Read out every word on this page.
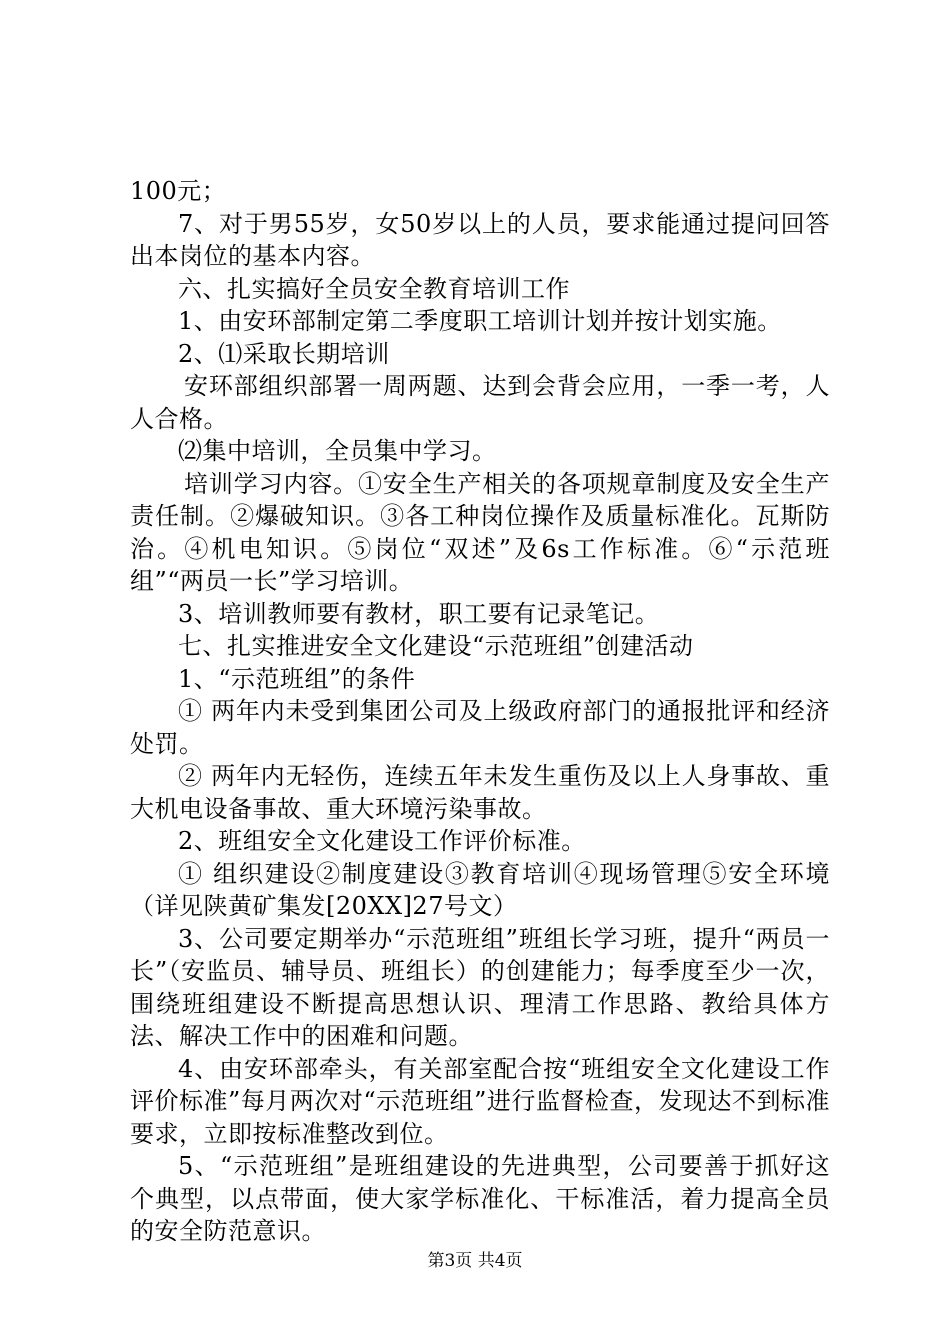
100元；

7、对于男55岁，女50岁以上的人员，要求能通过提问回答出本岗位的基本内容。

六、扎实搞好全员安全教育培训工作

1、由安环部制定第二季度职工培训计划并按计划实施。

2、⑴采取长期培训

安环部组织部署一周两题、达到会背会应用，一季一考，人人合格。

⑵集中培训，全员集中学习。

培训学习内容。①安全生产相关的各项规章制度及安全生产责任制。②爆破知识。③各工种岗位操作及质量标准化。瓦斯防治。④机电知识。⑤岗位“双述”及6s工作标准。⑥“示范班组”“两员一长”学习培训。

3、培训教师要有教材，职工要有记录笔记。

七、扎实推进安全文化建设“示范班组”创建活动

1、“示范班组”的条件

① 两年内未受到集团公司及上级政府部门的通报批评和经济处罚。

② 两年内无轻伤，连续五年未发生重伤及以上人身事故、重大机电设备事故、重大环境污染事故。

2、班组安全文化建设工作评价标准。

① 组织建设②制度建设③教育培训④现场管理⑤安全环境（详见陕黄矿集发[20XX]27号文）

3、公司要定期举办“示范班组”班组长学习班，提升“两员一长”（安监员、辅导员、班组长）的创建能力；每季度至少一次，围绕班组建设不断提高思想认识、理清工作思路、教给具体方法、解决工作中的困难和问题。

4、由安环部牵头，有关部室配合按“班组安全文化建设工作评价标准”每月两次对“示范班组”进行监督检查，发现达不到标准要求，立即按标准整改到位。

5、“示范班组”是班组建设的先进典型，公司要善于抓好这个典型，以点带面，使大家学标准化、干标准活，着力提高全员的安全防范意识。

第3页 共4页
